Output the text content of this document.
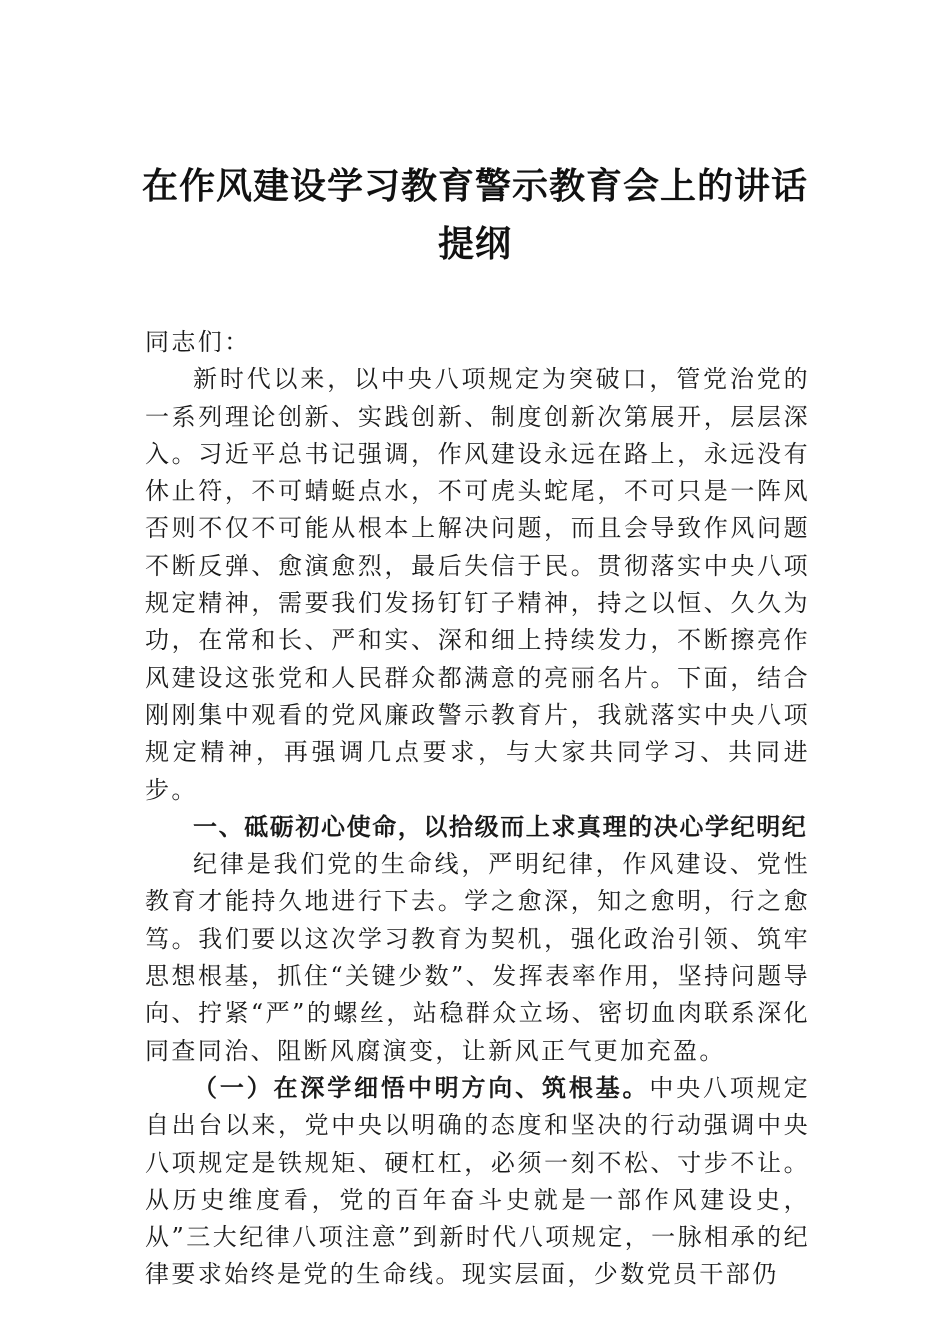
在作风建设学习教育警示教育会上的讲话
提纲

同志们：

新时代以来，以中央八项规定为突破口，管党治党的一系列理论创新、实践创新、制度创新次第展开，层层深入。习近平总书记强调，作风建设永远在路上，永远没有休止符，不可蜻蜓点水，不可虎头蛇尾，不可只是一阵风否则不仅不可能从根本上解决问题，而且会导致作风问题不断反弹、愈演愈烈，最后失信于民。贯彻落实中央八项规定精神，需要我们发扬钉钉子精神，持之以恒、久久为功，在常和长、严和实、深和细上持续发力，不断擦亮作风建设这张党和人民群众都满意的亮丽名片。下面，结合刚刚集中观看的党风廉政警示教育片，我就落实中央八项规定精神，再强调几点要求，与大家共同学习、共同进步。

一、砥砺初心使命，以拾级而上求真理的决心学纪明纪

纪律是我们党的生命线，严明纪律，作风建设、党性教育才能持久地进行下去。学之愈深，知之愈明，行之愈笃。我们要以这次学习教育为契机，强化政治引领、筑牢思想根基，抓住“关键少数”、发挥表率作用，坚持问题导向、拧紧“严”的螺丝，站稳群众立场、密切血肉联系深化同查同治、阻断风腐演变，让新风正气更加充盈。

（一）在深学细悟中明方向、筑根基。中央八项规定自出台以来，党中央以明确的态度和坚决的行动强调中央八项规定是铁规矩、硬杠杠，必须一刻不松、寸步不让。从历史维度看，党的百年奋斗史就是一部作风建设史，从”三大纪律八项注意”到新时代八项规定，一脉相承的纪律要求始终是党的生命线。现实层面，少数党员干部仍
